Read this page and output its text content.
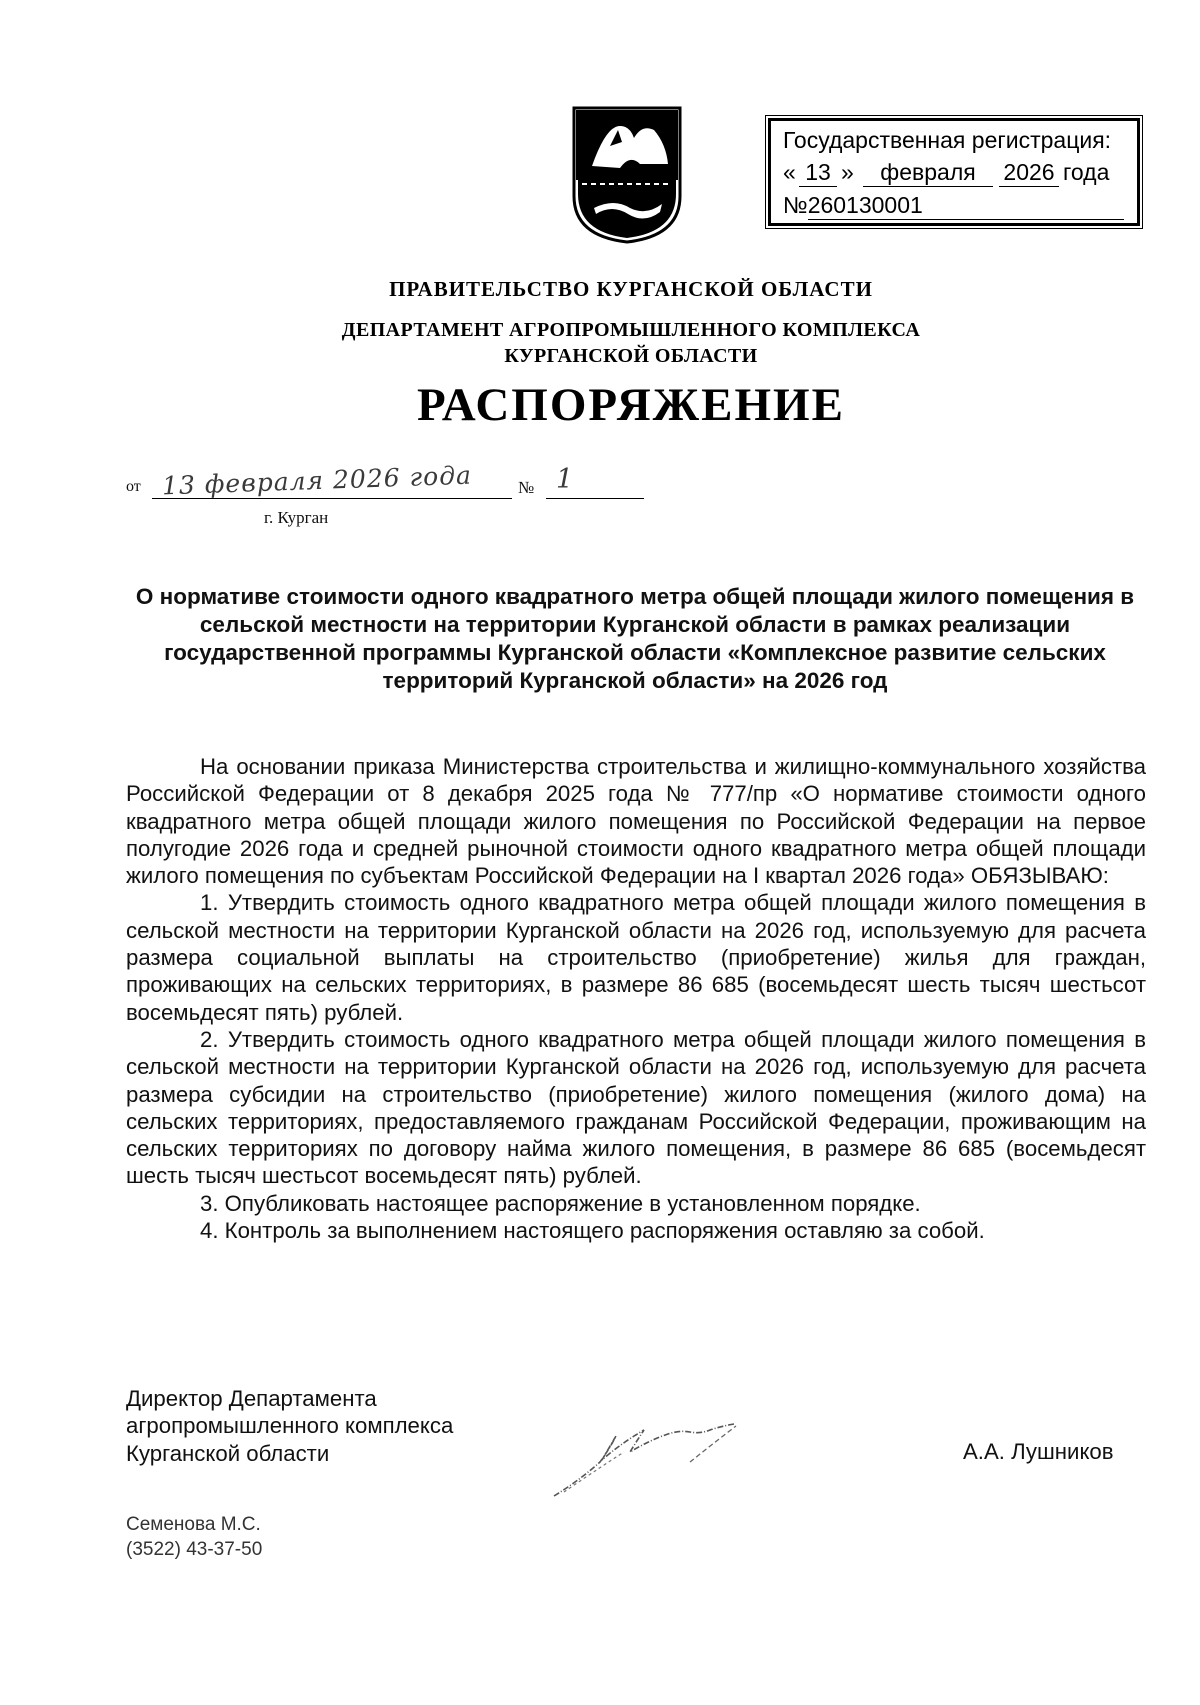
Государственная регистрация:
« 13 »	февраля	2026 года
№260130001
ПРАВИТЕЛЬСТВО КУРГАНСКОЙ ОБЛАСТИ
ДЕПАРТАМЕНТ АГРОПРОМЫШЛЕННОГО КОМПЛЕКСА
КУРГАНСКОЙ ОБЛАСТИ
РАСПОРЯЖЕНИЕ
от 13 февраля 2026 года	№ 1
г. Курган
О нормативе стоимости одного квадратного метра общей площади жилого помещения в сельской местности на территории Курганской области в рамках реализации государственной программы Курганской области «Комплексное развитие сельских территорий Курганской области» на 2026 год

На основании приказа Министерства строительства и жилищно-коммунального хозяйства Российской Федерации от 8 декабря 2025 года № 777/пр «О нормативе стоимости одного квадратного метра общей площади жилого помещения по Российской Федерации на первое полугодие 2026 года и средней рыночной стоимости одного квадратного метра общей площади жилого помещения по субъектам Российской Федерации на I квартал 2026 года» ОБЯЗЫВАЮ:

1. Утвердить стоимость одного квадратного метра общей площади жилого помещения в сельской местности на территории Курганской области на 2026 год, используемую для расчета размера социальной выплаты на строительство (приобретение) жилья для граждан, проживающих на сельских территориях, в размере 86 685 (восемьдесят шесть тысяч шестьсот восемьдесят пять) рублей.

2. Утвердить стоимость одного квадратного метра общей площади жилого помещения в сельской местности на территории Курганской области на 2026 год, используемую для расчета размера субсидии на строительство (приобретение) жилого помещения (жилого дома) на сельских территориях, предоставляемого гражданам Российской Федерации, проживающим на сельских территориях по договору найма жилого помещения, в размере 86 685 (восемьдесят шесть тысяч шестьсот восемьдесят пять) рублей.

3. Опубликовать настоящее распоряжение в установленном порядке.

4. Контроль за выполнением настоящего распоряжения оставляю за собой.

Директор Департамента
агропромышленного комплекса
Курганской области	А.А. Лушников
Семенова М.С.
(3522) 43-37-50
